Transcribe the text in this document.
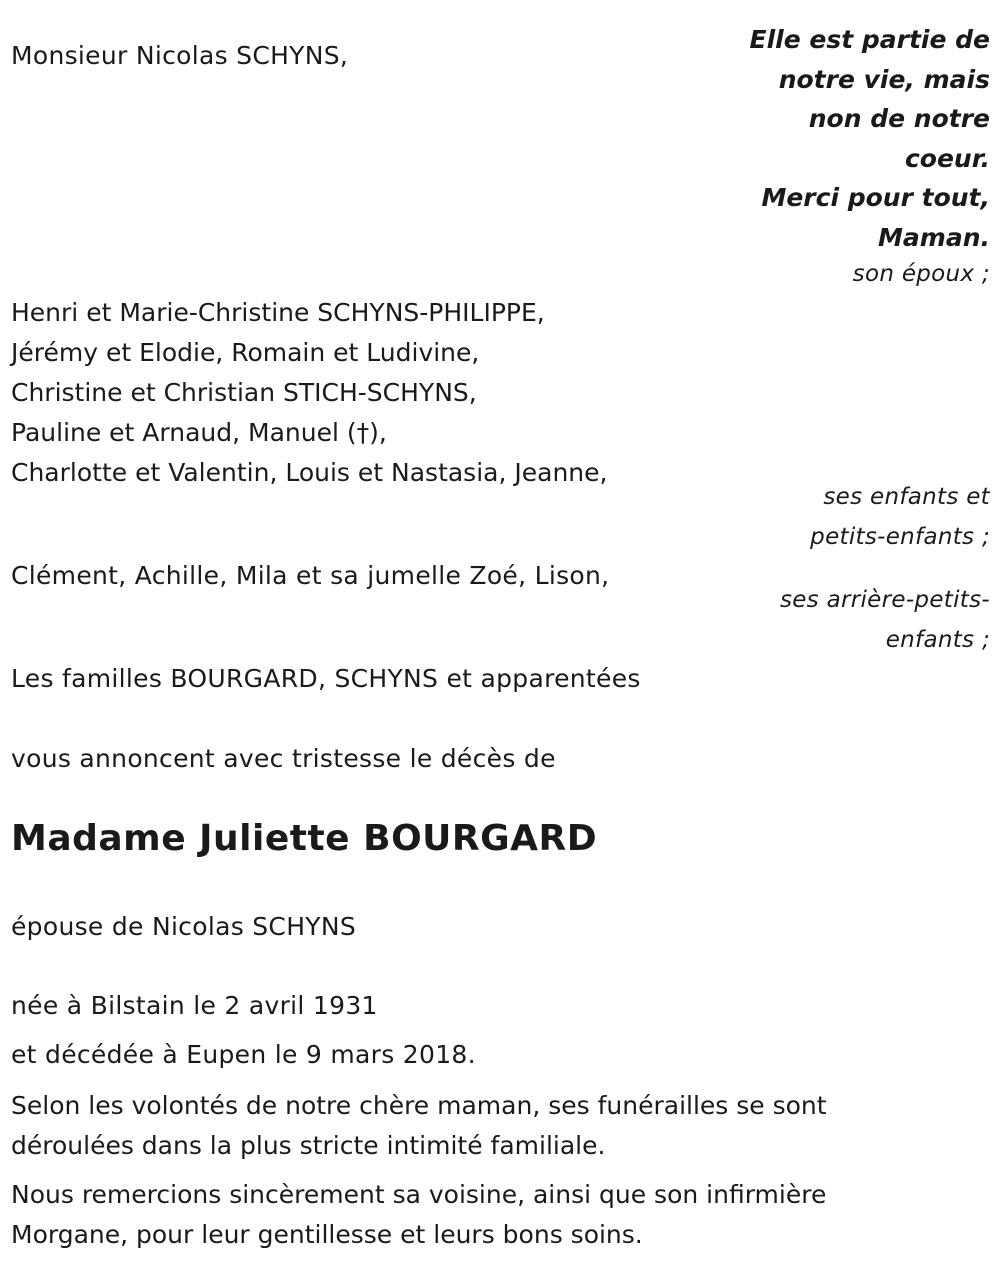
Monsieur Nicolas SCHYNS,

Elle est partie de
notre vie, mais
non de notre
coeur.
Merci pour tout,
Maman.

son époux ;

Henri et Marie-Christine SCHYNS-PHILIPPE,
Jérémy et Elodie, Romain et Ludivine,
Christine et Christian STICH-SCHYNS,
Pauline et Arnaud, Manuel (†),
Charlotte et Valentin, Louis et Nastasia, Jeanne,
ses enfants et
petits-enfants ;

Clément, Achille, Mila et sa jumelle Zoé, Lison,

ses arrière-petits-
enfants ;

Les familles BOURGARD, SCHYNS et apparentées

vous annoncent avec tristesse le décès de

Madame Juliette BOURGARD

épouse de Nicolas SCHYNS

née à Bilstain le 2 avril 1931

et décédée à Eupen le 9 mars 2018.

Selon les volontés de notre chère maman, ses funérailles se sont
déroulées dans la plus stricte intimité familiale.
Nous remercions sincèrement sa voisine, ainsi que son infirmière
Morgane, pour leur gentillesse et leurs bons soins.
